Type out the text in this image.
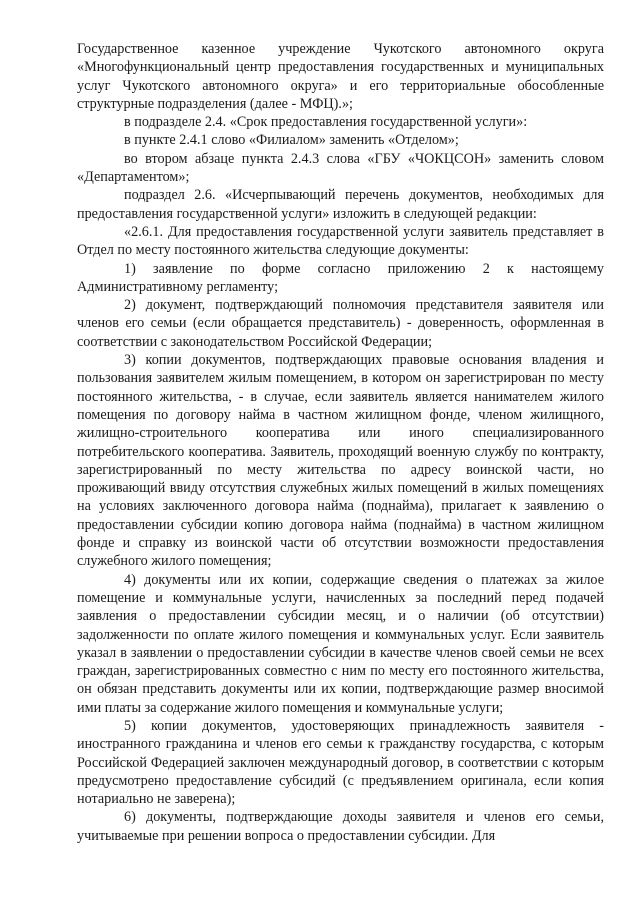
Государственное казенное учреждение Чукотского автономного округа «Многофункциональный центр предоставления государственных и муниципальных услуг Чукотского автономного округа» и его территориальные обособленные структурные подразделения (далее - МФЦ).»;

в подразделе 2.4. «Срок предоставления государственной услуги»:

в пункте 2.4.1 слово «Филиалом» заменить «Отделом»;

во втором абзаце пункта 2.4.3 слова «ГБУ «ЧОКЦСОН» заменить словом «Департаментом»;

подраздел 2.6. «Исчерпывающий перечень документов, необходимых для предоставления государственной услуги» изложить в следующей редакции:

«2.6.1. Для предоставления государственной услуги заявитель представляет в Отдел по месту постоянного жительства следующие документы:

1) заявление по форме согласно приложению 2 к настоящему Административному регламенту;

2) документ, подтверждающий полномочия представителя заявителя или членов его семьи (если обращается представитель) - доверенность, оформленная в соответствии с законодательством Российской Федерации;

3) копии документов, подтверждающих правовые основания владения и пользования заявителем жилым помещением, в котором он зарегистрирован по месту постоянного жительства, - в случае, если заявитель является нанимателем жилого помещения по договору найма в частном жилищном фонде, членом жилищного, жилищно-строительного кооператива или иного специализированного потребительского кооператива. Заявитель, проходящий военную службу по контракту, зарегистрированный по месту жительства по адресу воинской части, но проживающий ввиду отсутствия служебных жилых помещений в жилых помещениях на условиях заключенного договора найма (поднайма), прилагает к заявлению о предоставлении субсидии копию договора найма (поднайма) в частном жилищном фонде и справку из воинской части об отсутствии возможности предоставления служебного жилого помещения;

4) документы или их копии, содержащие сведения о платежах за жилое помещение и коммунальные услуги, начисленных за последний перед подачей заявления о предоставлении субсидии месяц, и о наличии (об отсутствии) задолженности по оплате жилого помещения и коммунальных услуг. Если заявитель указал в заявлении о предоставлении субсидии в качестве членов своей семьи не всех граждан, зарегистрированных совместно с ним по месту его постоянного жительства, он обязан представить документы или их копии, подтверждающие размер вносимой ими платы за содержание жилого помещения и коммунальные услуги;

5) копии документов, удостоверяющих принадлежность заявителя - иностранного гражданина и членов его семьи к гражданству государства, с которым Российской Федерацией заключен международный договор, в соответствии с которым предусмотрено предоставление субсидий (с предъявлением оригинала, если копия нотариально не заверена);

6) документы, подтверждающие доходы заявителя и членов его семьи, учитываемые при решении вопроса о предоставлении субсидии. Для
